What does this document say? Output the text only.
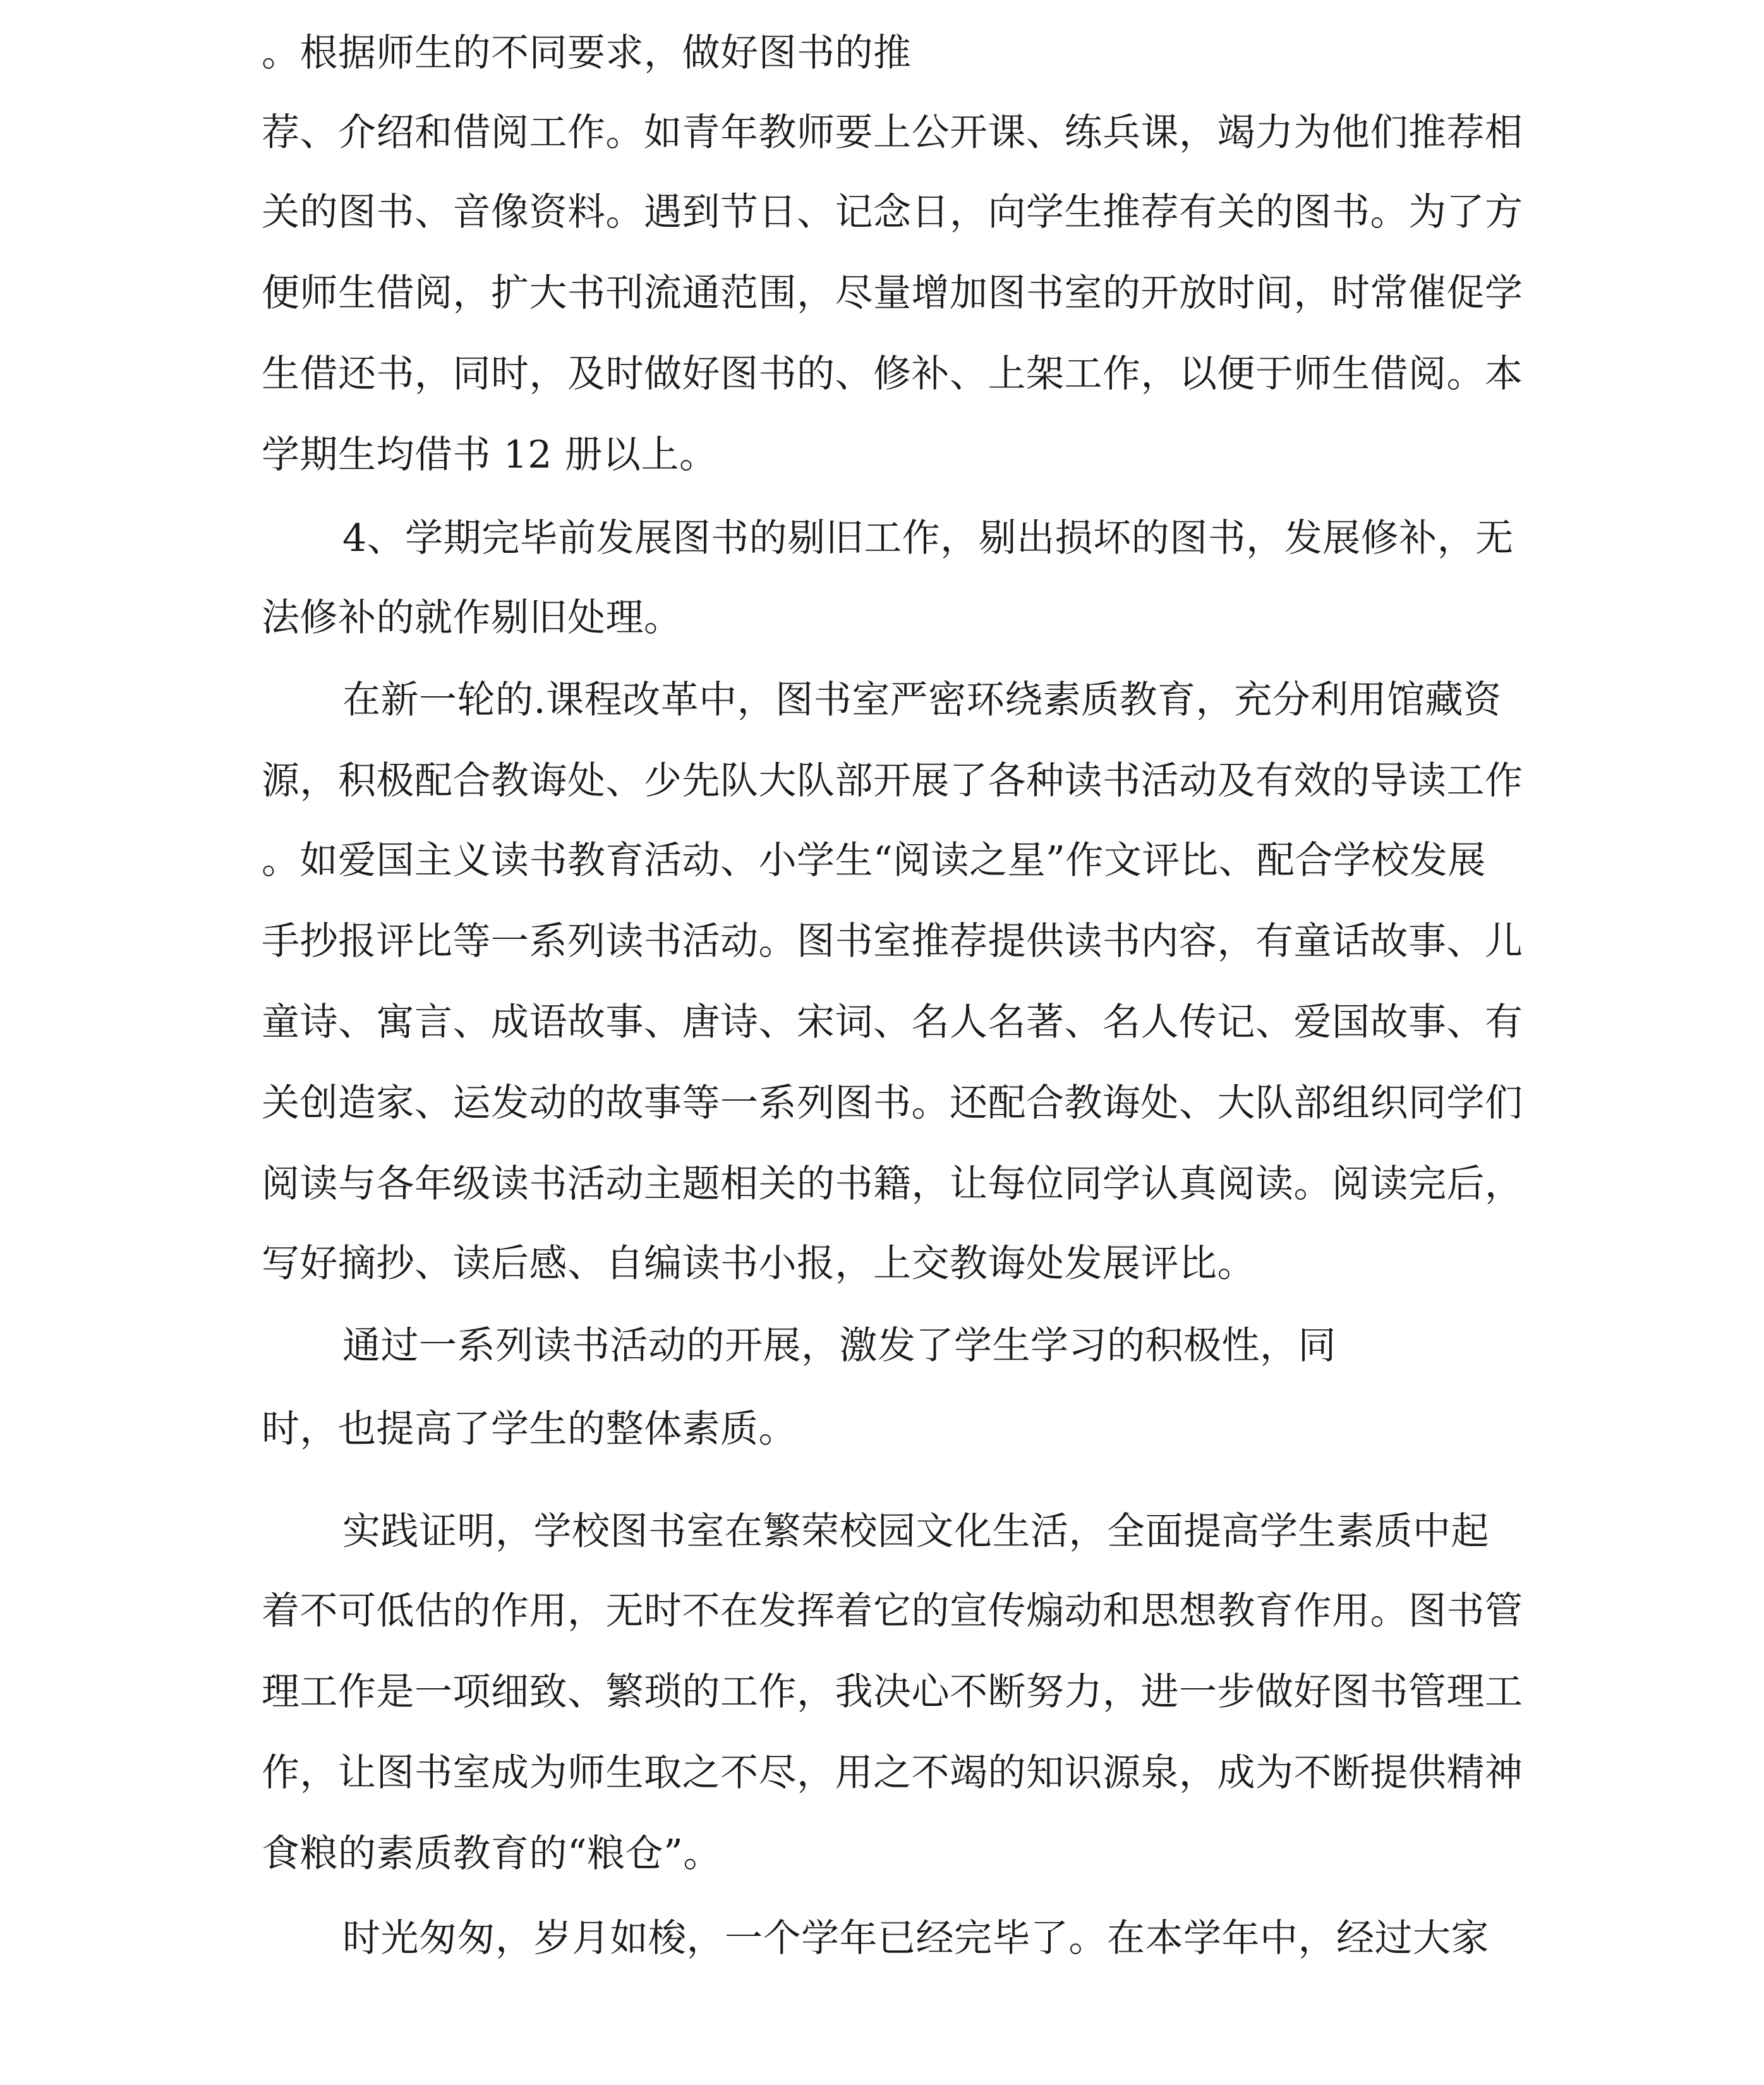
。根据师生的不同要求，做好图书的推
荐、介绍和借阅工作。如青年教师要上公开课、练兵课，竭力为他们推荐相
关的图书、音像资料。遇到节日、记念日，向学生推荐有关的图书。为了方
便师生借阅，扩大书刊流通范围，尽量增加图书室的开放时间，时常催促学
生借还书，同时，及时做好图书的、修补、上架工作，以便于师生借阅。本
学期生均借书 12 册以上。
4、学期完毕前发展图书的剔旧工作，剔出损坏的图书，发展修补，无
法修补的就作剔旧处理。
在新一轮的.课程改革中，图书室严密环绕素质教育，充分利用馆藏资
源，积极配合教诲处、少先队大队部开展了各种读书活动及有效的导读工作
。如爱国主义读书教育活动、小学生“阅读之星”作文评比、配合学校发展
手抄报评比等一系列读书活动。图书室推荐提供读书内容，有童话故事、儿
童诗、寓言、成语故事、唐诗、宋词、名人名著、名人传记、爱国故事、有
关创造家、运发动的故事等一系列图书。还配合教诲处、大队部组织同学们
阅读与各年级读书活动主题相关的书籍，让每位同学认真阅读。阅读完后，
写好摘抄、读后感、自编读书小报，上交教诲处发展评比。
通过一系列读书活动的开展，激发了学生学习的积极性，同
时，也提高了学生的整体素质。
实践证明，学校图书室在繁荣校园文化生活，全面提高学生素质中起
着不可低估的作用，无时不在发挥着它的宣传煽动和思想教育作用。图书管
理工作是一项细致、繁琐的工作，我决心不断努力，进一步做好图书管理工
作，让图书室成为师生取之不尽，用之不竭的知识源泉，成为不断提供精神
食粮的素质教育的“粮仓”。
时光匆匆，岁月如梭，一个学年已经完毕了。在本学年中，经过大家
